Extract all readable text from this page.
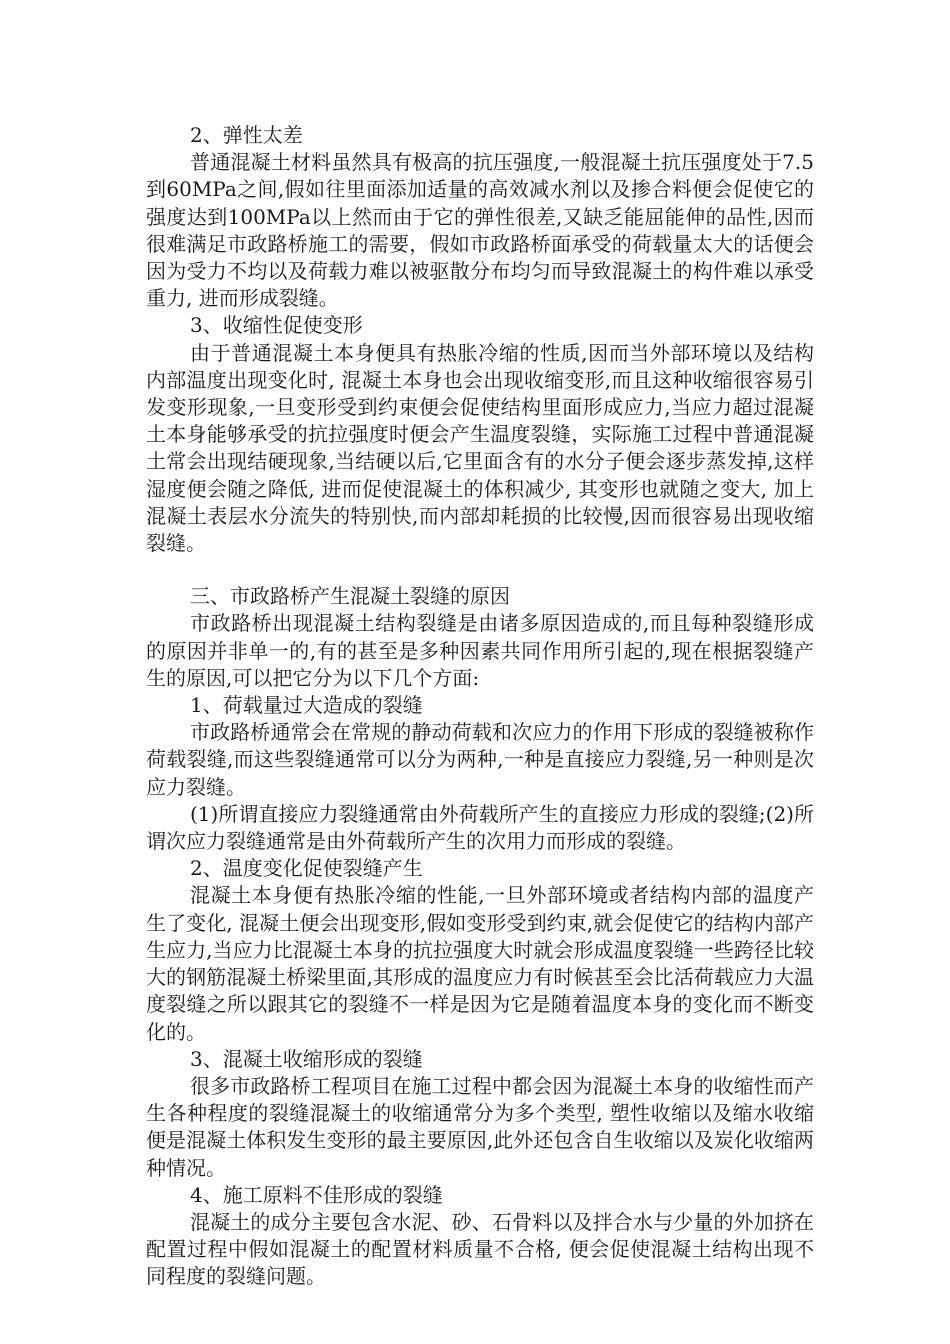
2、弹性太差

普通混凝土材料虽然具有极高的抗压强度,一般混凝土抗压强度处于7.5到60MPa之间,假如往里面添加适量的高效减水剂以及掺合料便会促使它的强度达到100MPa以上然而由于它的弹性很差,又缺乏能屈能伸的品性,因而很难满足市政路桥施工的需要，假如市政路桥面承受的荷载量太大的话便会因为受力不均以及荷载力难以被驱散分布均匀而导致混凝土的构件难以承受重力, 进而形成裂缝。

3、收缩性促使变形

由于普通混凝土本身便具有热胀冷缩的性质,因而当外部环境以及结构内部温度出现变化时, 混凝土本身也会出现收缩变形,而且这种收缩很容易引发变形现象,一旦变形受到约束便会促使结构里面形成应力,当应力超过混凝土本身能够承受的抗拉强度时便会产生温度裂缝，实际施工过程中普通混凝土常会出现结硬现象,当结硬以后,它里面含有的水分子便会逐步蒸发掉,这样湿度便会随之降低, 进而促使混凝土的体积减少, 其变形也就随之变大, 加上混凝土表层水分流失的特别快,而内部却耗损的比较慢,因而很容易出现收缩裂缝。

三、市政路桥产生混凝土裂缝的原因

市政路桥出现混凝土结构裂缝是由诸多原因造成的,而且每种裂缝形成的原因并非单一的,有的甚至是多种因素共同作用所引起的,现在根据裂缝产生的原因,可以把它分为以下几个方面:

1、荷载量过大造成的裂缝

市政路桥通常会在常规的静动荷载和次应力的作用下形成的裂缝被称作荷载裂缝,而这些裂缝通常可以分为两种,一种是直接应力裂缝,另一种则是次应力裂缝。

(1)所谓直接应力裂缝通常由外荷载所产生的直接应力形成的裂缝;(2)所谓次应力裂缝通常是由外荷载所产生的次用力而形成的裂缝。

2、温度变化促使裂缝产生

混凝土本身便有热胀冷缩的性能,一旦外部环境或者结构内部的温度产生了变化, 混凝土便会出现变形,假如变形受到约束,就会促使它的结构内部产生应力,当应力比混凝土本身的抗拉强度大时就会形成温度裂缝一些跨径比较大的钢筋混凝土桥梁里面,其形成的温度应力有时候甚至会比活荷载应力大温度裂缝之所以跟其它的裂缝不一样是因为它是随着温度本身的变化而不断变化的。

3、混凝土收缩形成的裂缝

很多市政路桥工程项目在施工过程中都会因为混凝土本身的收缩性而产生各种程度的裂缝混凝土的收缩通常分为多个类型, 塑性收缩以及缩水收缩便是混凝土体积发生变形的最主要原因,此外还包含自生收缩以及炭化收缩两种情况。

4、施工原料不佳形成的裂缝

混凝土的成分主要包含水泥、砂、石骨料以及拌合水与少量的外加挤在配置过程中假如混凝土的配置材料质量不合格, 便会促使混凝土结构出现不同程度的裂缝问题。
